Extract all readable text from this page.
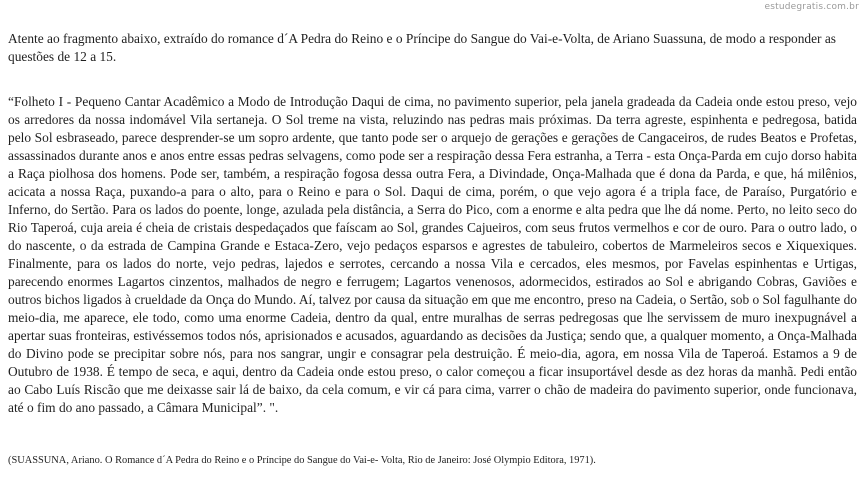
estudegratis.com.br

Atente ao fragmento abaixo, extraído do romance d´A Pedra do Reino e o Príncipe do Sangue do Vai-e-Volta, de Ariano Suassuna, de modo a responder as questões de 12 a 15.

“Folheto I - Pequeno Cantar Acadêmico a Modo de Introdução Daqui de cima, no pavimento superior, pela janela gradeada da Cadeia onde estou preso, vejo os arredores da nossa indomável Vila sertaneja. O Sol treme na vista, reluzindo nas pedras mais próximas. Da terra agreste, espinhenta e pedregosa, batida pelo Sol esbraseado, parece desprender-se um sopro ardente, que tanto pode ser o arquejo de gerações e gerações de Cangaceiros, de rudes Beatos e Profetas, assassinados durante anos e anos entre essas pedras selvagens, como pode ser a respiração dessa Fera estranha, a Terra - esta Onça-Parda em cujo dorso habita a Raça piolhosa dos homens. Pode ser, também, a respiração fogosa dessa outra Fera, a Divindade, Onça-Malhada que é dona da Parda, e que, há milênios, acicata a nossa Raça, puxando-a para o alto, para o Reino e para o Sol. Daqui de cima, porém, o que vejo agora é a tripla face, de Paraíso, Purgatório e Inferno, do Sertão. Para os lados do poente, longe, azulada pela distância, a Serra do Pico, com a enorme e alta pedra que lhe dá nome. Perto, no leito seco do Rio Taperoá, cuja areia é cheia de cristais despedaçados que faíscam ao Sol, grandes Cajueiros, com seus frutos vermelhos e cor de ouro. Para o outro lado, o do nascente, o da estrada de Campina Grande e Estaca-Zero, vejo pedaços esparsos e agrestes de tabuleiro, cobertos de Marmeleiros secos e Xiquexiques. Finalmente, para os lados do norte, vejo pedras, lajedos e serrotes, cercando a nossa Vila e cercados, eles mesmos, por Favelas espinhentas e Urtigas, parecendo enormes Lagartos cinzentos, malhados de negro e ferrugem; Lagartos venenosos, adormecidos, estirados ao Sol e abrigando Cobras, Gaviões e outros bichos ligados à crueldade da Onça do Mundo. Aí, talvez por causa da situação em que me encontro, preso na Cadeia, o Sertão, sob o Sol fagulhante do meio-dia, me aparece, ele todo, como uma enorme Cadeia, dentro da qual, entre muralhas de serras pedregosas que lhe servissem de muro inexpugnável a apertar suas fronteiras, estivéssemos todos nós, aprisionados e acusados, aguardando as decisões da Justiça; sendo que, a qualquer momento, a Onça-Malhada do Divino pode se precipitar sobre nós, para nos sangrar, ungir e consagrar pela destruição. É meio-dia, agora, em nossa Vila de Taperoá. Estamos a 9 de Outubro de 1938. É tempo de seca, e aqui, dentro da Cadeia onde estou preso, o calor começou a ficar insuportável desde as dez horas da manhã. Pedi então ao Cabo Luís Riscão que me deixasse sair lá de baixo, da cela comum, e vir cá para cima, varrer o chão de madeira do pavimento superior, onde funcionava, até o fim do ano passado, a Câmara Municipal”. ".

(SUASSUNA, Ariano. O Romance d´A Pedra do Reino e o Príncipe do Sangue do Vai-e- Volta, Rio de Janeiro: José Olympio Editora, 1971).
